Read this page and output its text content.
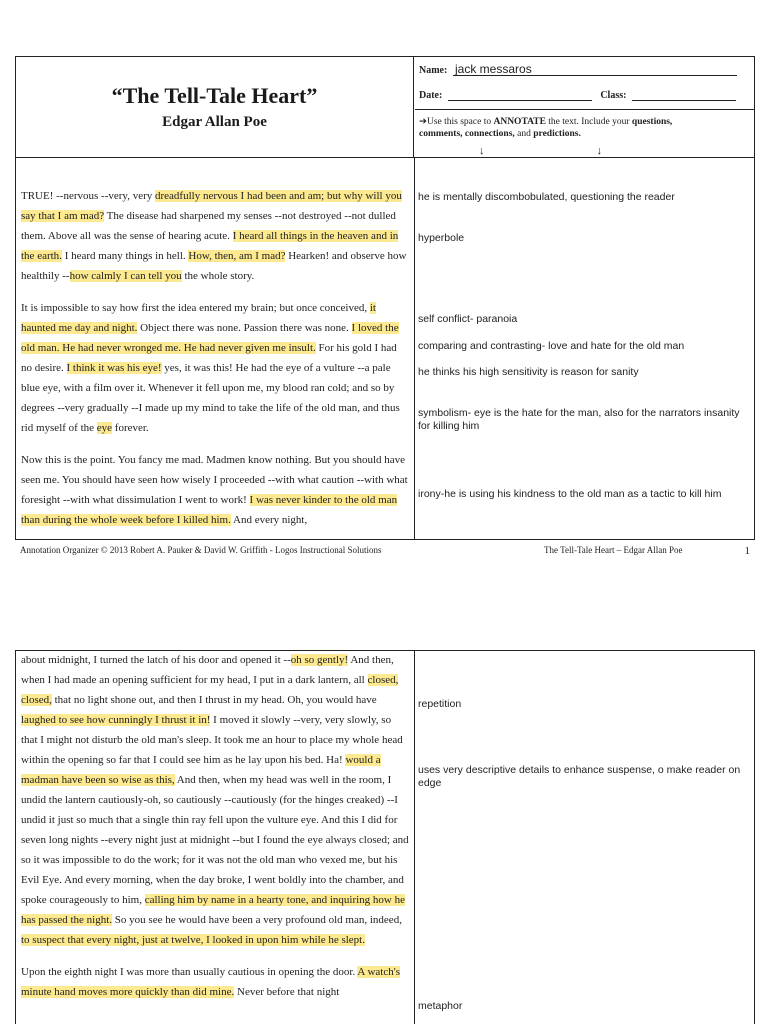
“The Tell-Tale Heart”
Edgar Allan Poe
Name: jack messaros
Date:	Class:
➔Use this space to ANNOTATE the text. Include your questions,
comments, connections, and predictions.
↓	↓

TRUE! --nervous --very, very dreadfully nervous I had been and am; but why will you say that I am mad? The disease had sharpened my senses --not destroyed --not dulled them. Above all was the sense of hearing acute. I heard all things in the heaven and in the earth. I heard many things in hell. How, then, am I mad? Hearken! and observe how healthily --how calmly I can tell you the whole story.

It is impossible to say how first the idea entered my brain; but once conceived, it haunted me day and night. Object there was none. Passion there was none. I loved the old man. He had never wronged me. He had never given me insult. For his gold I had no desire. I think it was his eye! yes, it was this! He had the eye of a vulture --a pale blue eye, with a film over it. Whenever it fell upon me, my blood ran cold; and so by degrees --very gradually --I made up my mind to take the life of the old man, and thus rid myself of the eye forever.

Now this is the point. You fancy me mad. Madmen know nothing. But you should have seen me. You should have seen how wisely I proceeded --with what caution --with what foresight --with what dissimulation I went to work! I was never kinder to the old man than during the whole week before I killed him. And every night,

he is mentally discombobulated, questioning the reader
hyperbole
self conflict- paranoia
comparing and contrasting- love and hate for the old man
he thinks his high sensitivity is reason for sanity
symbolism- eye is the hate for the man, also for the narrators insanity for killing him
irony-he is using his kindness to the old man as a tactic to kill him
Annotation Organizer © 2013 Robert A. Pauker & David W. Griffith - Logos Instructional Solutions	The Tell-Tale Heart – Edgar Allan Poe	1

about midnight, I turned the latch of his door and opened it --oh so gently! And then, when I had made an opening sufficient for my head, I put in a dark lantern, all closed, closed, that no light shone out, and then I thrust in my head. Oh, you would have laughed to see how cunningly I thrust it in! I moved it slowly --very, very slowly, so that I might not disturb the old man's sleep. It took me an hour to place my whole head within the opening so far that I could see him as he lay upon his bed. Ha! would a madman have been so wise as this, And then, when my head was well in the room, I undid the lantern cautiously-oh, so cautiously --cautiously (for the hinges creaked) --I undid it just so much that a single thin ray fell upon the vulture eye. And this I did for seven long nights --every night just at midnight --but I found the eye always closed; and so it was impossible to do the work; for it was not the old man who vexed me, but his Evil Eye. And every morning, when the day broke, I went boldly into the chamber, and spoke courageously to him, calling him by name in a hearty tone, and inquiring how he has passed the night. So you see he would have been a very profound old man, indeed, to suspect that every night, just at twelve, I looked in upon him while he slept.

Upon the eighth night I was more than usually cautious in opening the door. A watch's minute hand moves more quickly than did mine. Never before that night

repetition
uses very descriptive details to enhance suspense, o make reader on edge
metaphor
